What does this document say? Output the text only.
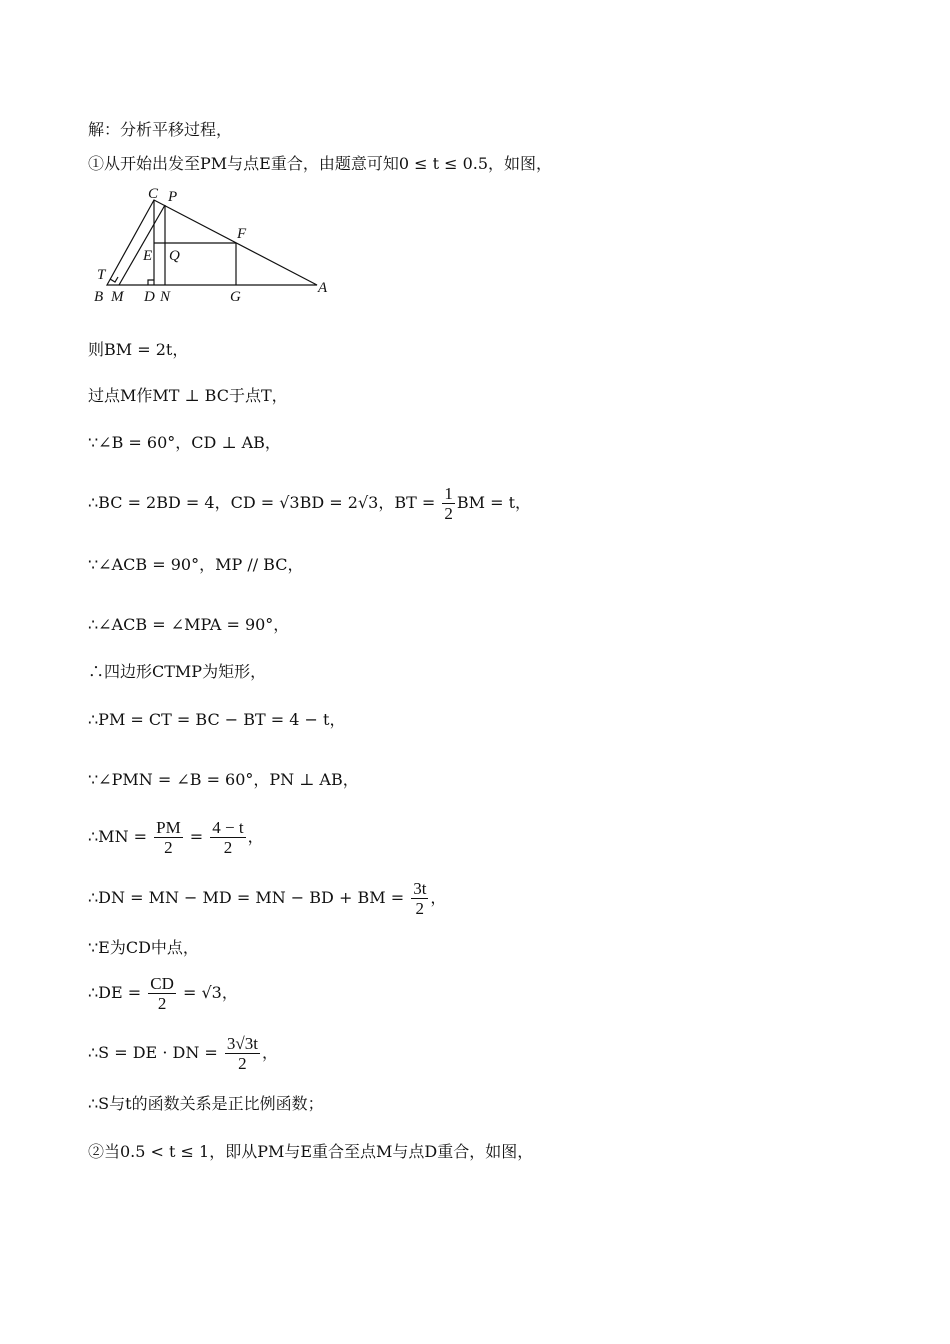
解：分析平移过程，
①从开始出发至PM与点E重合，由题意可知0 ≤ t ≤ 0.5，如图，
C P
F
E Q
T
B M D N	G
A
则BM = 2t，
过点M作MT ⊥ BC于点T，
∵∠B = 60°，CD ⊥ AB，
∴BC = 2BD = 4，CD = √3BD = 2√3，BT = $\frac{1}{2}$ BM = t，
∵∠ACB = 90°，MP // BC，
∴∠ACB = ∠MPA = 90°，
∴四边形CTMP为矩形，
∴PM = CT = BC − BT = 4 − t，
∵∠PMN = ∠B = 60°，PN ⊥ AB，
∴MN = $\frac{PM}{2} = \frac{4 - t}{2}$ ，
∴DN = MN − MD = MN − BD + BM = $\frac{3t}{2}$ ，
∵E为CD中点，
∴DE = $\frac{CD}{2} = √3$，
∴S = DE · DN = $\frac{3√3t}{2}$ ，
∴S与t的函数关系是正比例函数；
②当0.5 < t ≤ 1，即从PM与E重合至点M与点D重合，如图，
